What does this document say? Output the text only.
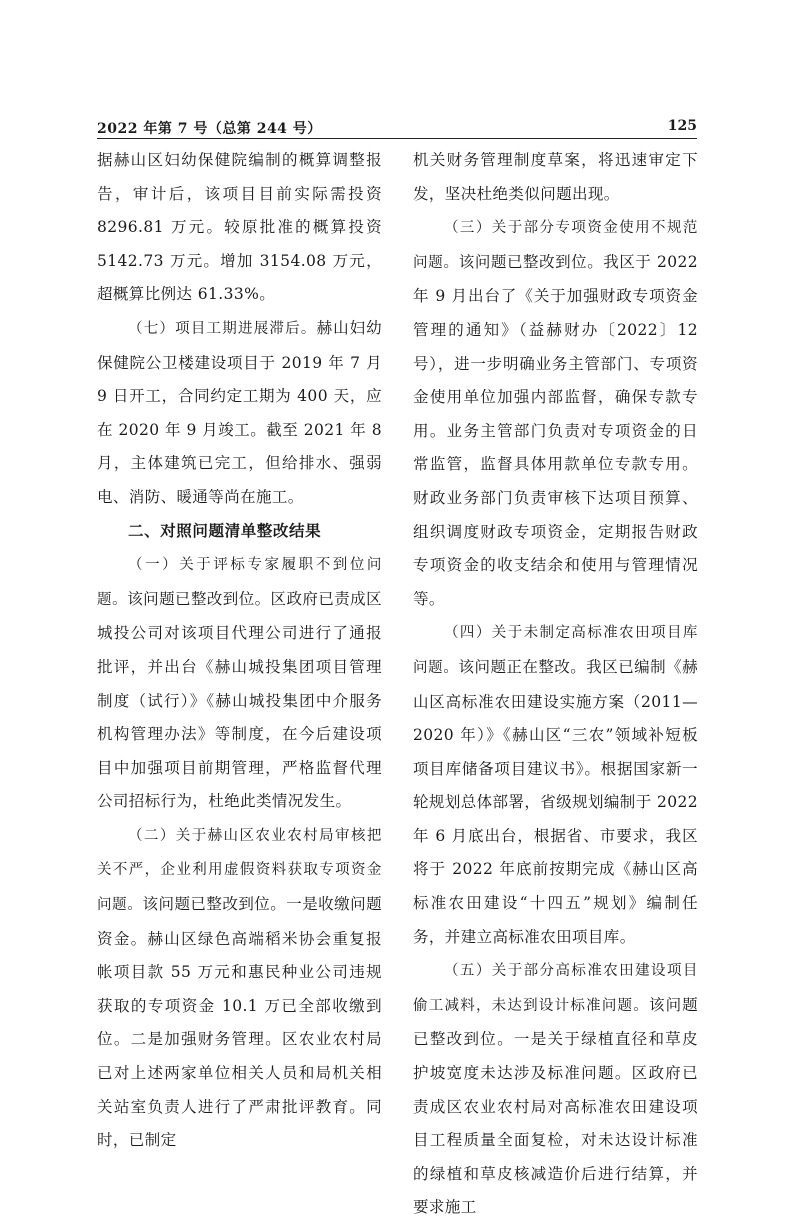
2022 年第 7 号（总第 244 号）	125

据赫山区妇幼保健院编制的概算调整报告，审计后，该项目目前实际需投资8296.81 万元。较原批准的概算投资5142.73 万元。增加 3154.08 万元，超概算比例达 61.33%。

（七）项目工期进展滞后。赫山妇幼保健院公卫楼建设项目于 2019 年 7 月 9 日开工，合同约定工期为 400 天，应在 2020 年 9 月竣工。截至 2021 年 8 月，主体建筑已完工，但给排水、强弱电、消防、暖通等尚在施工。

二、对照问题清单整改结果

（一）关于评标专家履职不到位问题。该问题已整改到位。区政府已责成区城投公司对该项目代理公司进行了通报批评，并出台《赫山城投集团项目管理制度（试行）》《赫山城投集团中介服务机构管理办法》等制度，在今后建设项目中加强项目前期管理，严格监督代理公司招标行为，杜绝此类情况发生。

（二）关于赫山区农业农村局审核把关不严，企业利用虚假资料获取专项资金问题。该问题已整改到位。一是收缴问题资金。赫山区绿色高端稻米协会重复报帐项目款 55 万元和惠民种业公司违规获取的专项资金 10.1 万已全部收缴到位。二是加强财务管理。区农业农村局已对上述两家单位相关人员和局机关相关站室负责人进行了严肃批评教育。同时，已制定

机关财务管理制度草案，将迅速审定下发，坚决杜绝类似问题出现。

（三）关于部分专项资金使用不规范问题。该问题已整改到位。我区于 2022 年 9 月出台了《关于加强财政专项资金管理的通知》（益赫财办〔2022〕12 号），进一步明确业务主管部门、专项资金使用单位加强内部监督，确保专款专用。业务主管部门负责对专项资金的日常监管，监督具体用款单位专款专用。财政业务部门负责审核下达项目预算、组织调度财政专项资金，定期报告财政专项资金的收支结余和使用与管理情况等。

（四）关于未制定高标准农田项目库问题。该问题正在整改。我区已编制《赫山区高标准农田建设实施方案（2011—2020 年）》《赫山区“三农”领域补短板项目库储备项目建议书》。根据国家新一轮规划总体部署，省级规划编制于 2022 年 6 月底出台，根据省、市要求，我区将于 2022 年底前按期完成《赫山区高标准农田建设“十四五”规划》编制任务，并建立高标准农田项目库。

（五）关于部分高标准农田建设项目偷工减料，未达到设计标准问题。该问题已整改到位。一是关于绿植直径和草皮护坡宽度未达涉及标准问题。区政府已责成区农业农村局对高标准农田建设项目工程质量全面复检，对未达设计标准的绿植和草皮核减造价后进行结算，并要求施工
